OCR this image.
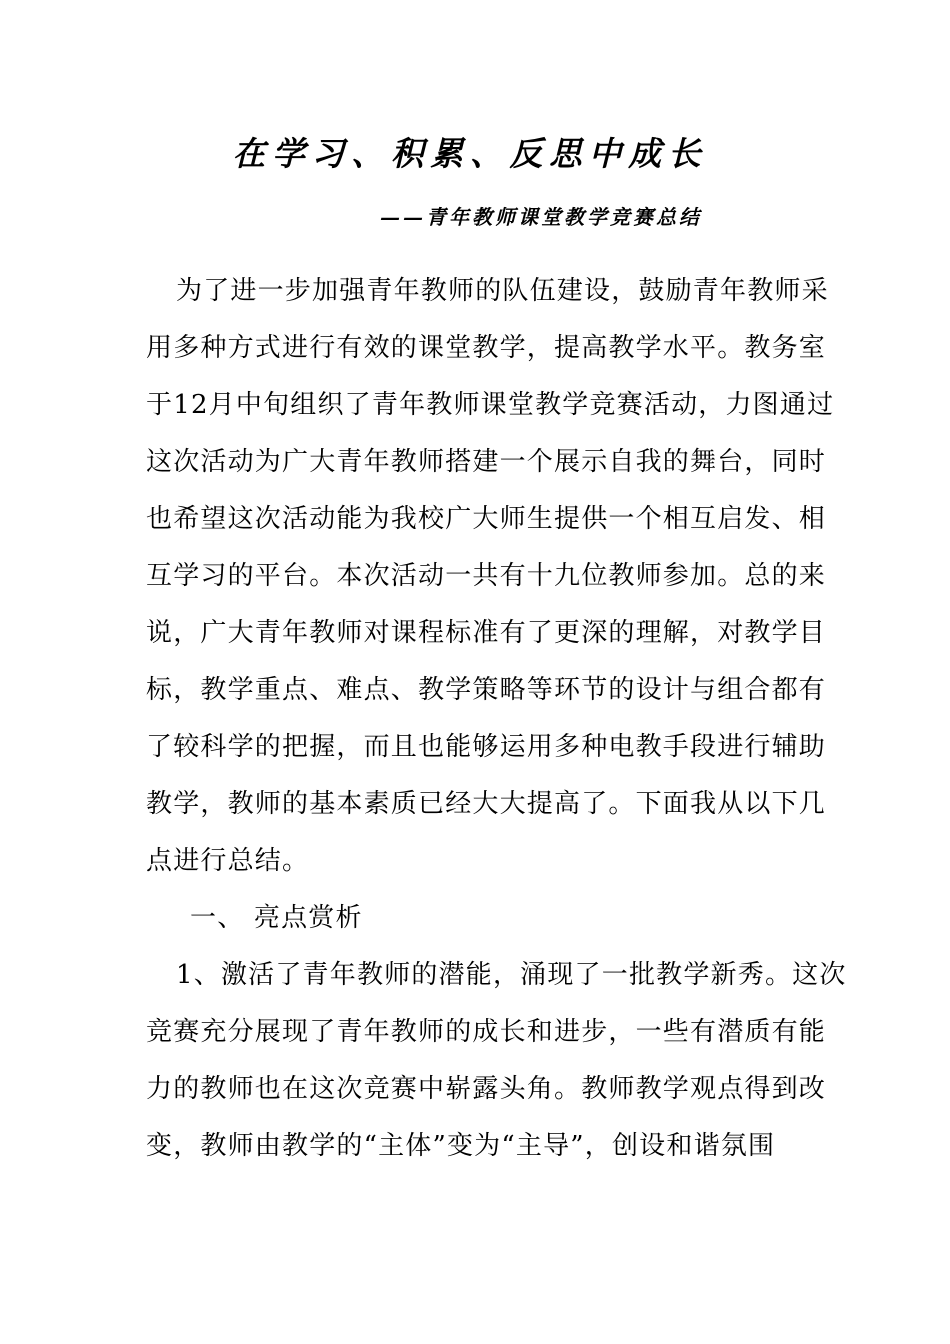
在学习、积累、反思中成长
——青年教师课堂教学竞赛总结
为了进一步加强青年教师的队伍建设，鼓励青年教师采
用多种方式进行有效的课堂教学，提高教学水平。教务室
于12月中旬组织了青年教师课堂教学竞赛活动，力图通过
这次活动为广大青年教师搭建一个展示自我的舞台，同时
也希望这次活动能为我校广大师生提供一个相互启发、相
互学习的平台。本次活动一共有十九位教师参加。总的来
说，广大青年教师对课程标准有了更深的理解，对教学目
标，教学重点、难点、教学策略等环节的设计与组合都有
了较科学的把握，而且也能够运用多种电教手段进行辅助
教学，教师的基本素质已经大大提高了。下面我从以下几
点进行总结。
一、 亮点赏析
1、激活了青年教师的潜能，涌现了一批教学新秀。这次
竞赛充分展现了青年教师的成长和进步，一些有潜质有能
力的教师也在这次竞赛中崭露头角。教师教学观点得到改
变，教师由教学的“主体”变为“主导”，创设和谐氛围
